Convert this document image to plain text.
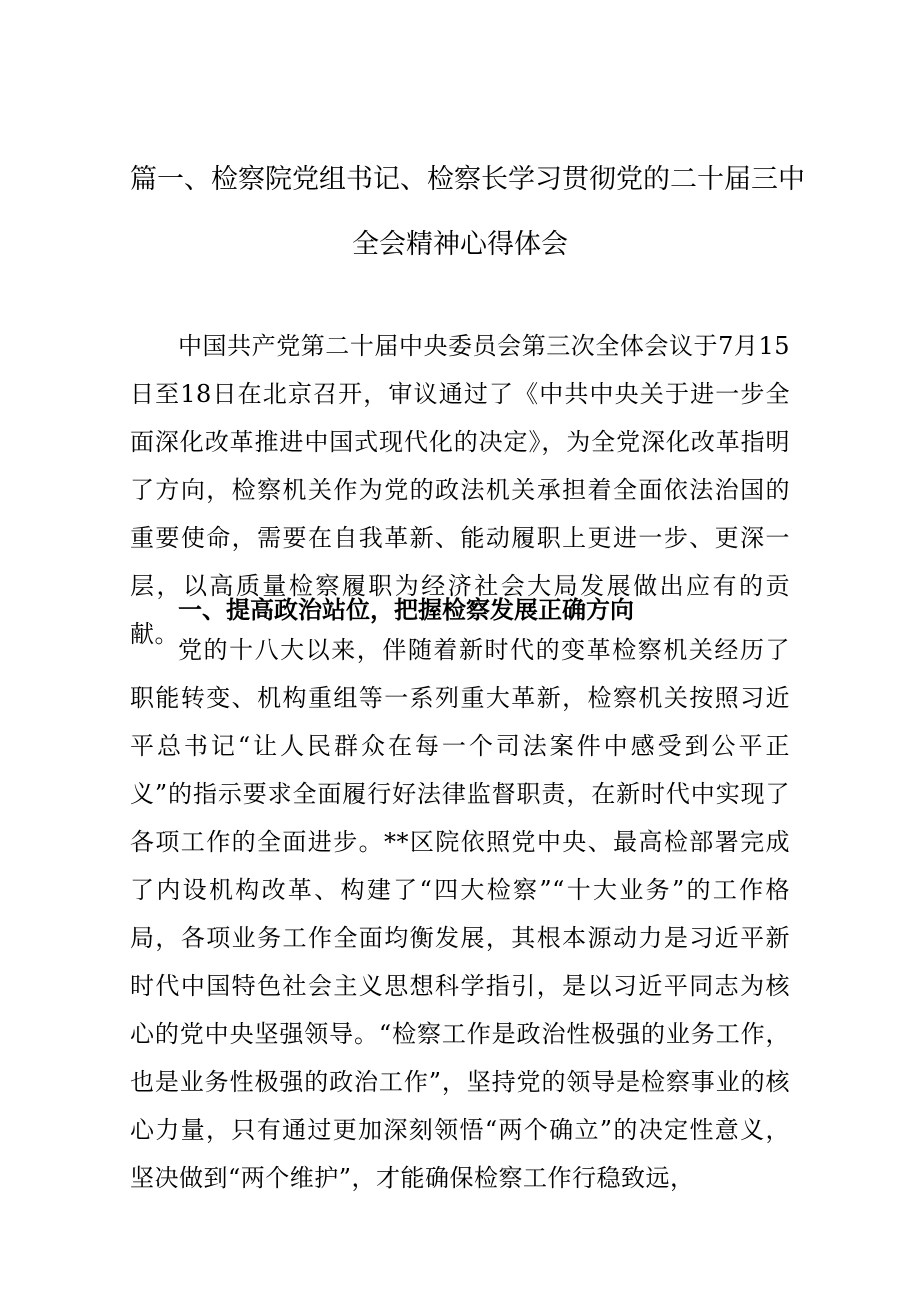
篇一、检察院党组书记、检察长学习贯彻党的二十届三中
全会精神心得体会
中国共产党第二十届中央委员会第三次全体会议于7月15日至18日在北京召开，审议通过了《中共中央关于进一步全面深化改革推进中国式现代化的决定》，为全党深化改革指明了方向，检察机关作为党的政法机关承担着全面依法治国的重要使命，需要在自我革新、能动履职上更进一步、更深一层，以高质量检察履职为经济社会大局发展做出应有的贡献。
一、提高政治站位，把握检察发展正确方向
党的十八大以来，伴随着新时代的变革检察机关经历了职能转变、机构重组等一系列重大革新，检察机关按照习近平总书记“让人民群众在每一个司法案件中感受到公平正义”的指示要求全面履行好法律监督职责，在新时代中实现了各项工作的全面进步。**区院依照党中央、最高检部署完成了内设机构改革、构建了“四大检察”“十大业务”的工作格局，各项业务工作全面均衡发展，其根本源动力是习近平新时代中国特色社会主义思想科学指引，是以习近平同志为核心的党中央坚强领导。“检察工作是政治性极强的业务工作，也是业务性极强的政治工作”，坚持党的领导是检察事业的核心力量，只有通过更加深刻领悟“两个确立”的决定性意义，坚决做到“两个维护”，才能确保检察工作行稳致远，
